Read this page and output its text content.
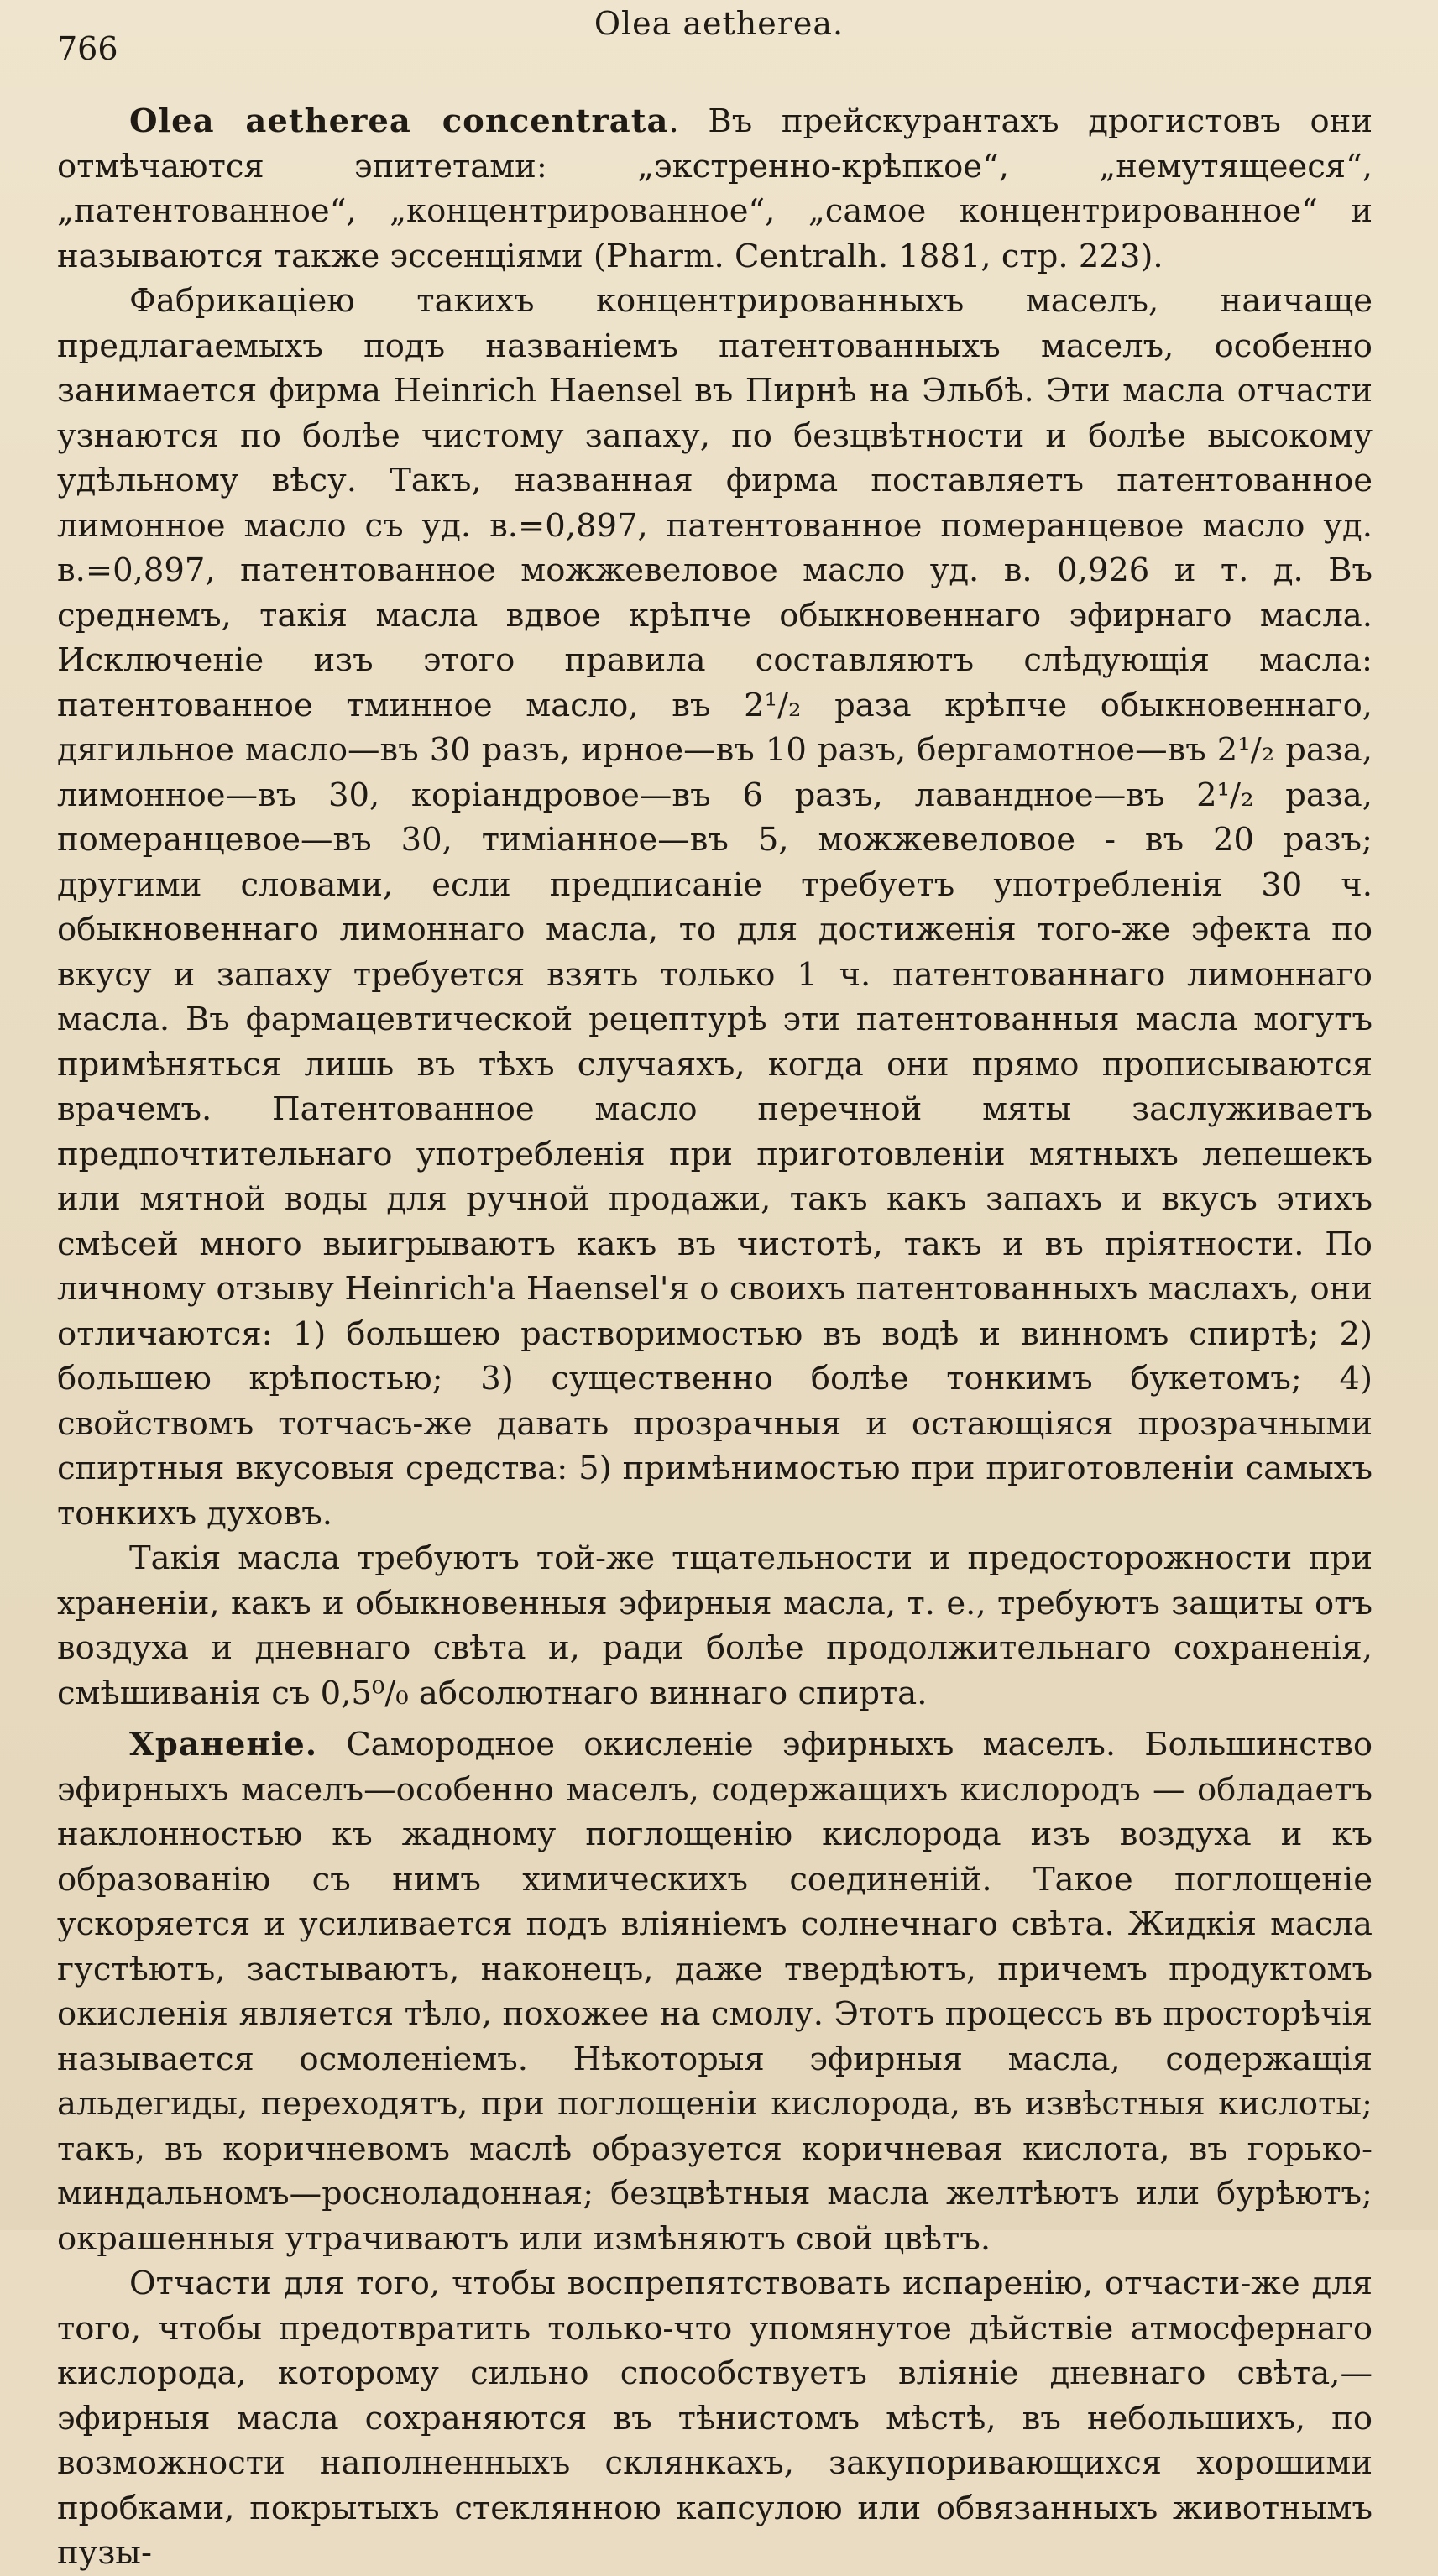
766
Olea aetherea.

Olea aetherea concentrata. Въ прейскурантахъ дрогистовъ они отмѣчаются эпитетами: „экстренно-крѣпкое“, „немутящееся“, „патентованное“, „концентрированное“, „самое концентрированное“ и называются также эссенціями (Pharm. Centralh. 1881, стр. 223).

Фабрикаціею такихъ концентрированныхъ маселъ, наичаще предлагаемыхъ подъ названіемъ патентованныхъ маселъ, особенно занимается фирма Heinrich Haensel въ Пирнѣ на Эльбѣ. Эти масла отчасти узнаются по болѣе чистому запаху, по безцвѣтности и болѣе высокому удѣльному вѣсу. Такъ, названная фирма поставляетъ патентованное лимонное масло съ уд. в.=0,897, патентованное померанцевое масло уд. в.=0,897, патентованное можжевеловое масло уд. в. 0,926 и т. д. Въ среднемъ, такія масла вдвое крѣпче обыкновеннаго эфирнаго масла. Исключеніе изъ этого правила составляютъ слѣдующія масла: патентованное тминное масло, въ 2¹/₂ раза крѣпче обыкновеннаго, дягильное масло—въ 30 разъ, ирное—въ 10 разъ, бергамотное—въ 2¹/₂ раза, лимонное—въ 30, коріандровое—въ 6 разъ, лавандное—въ 2¹/₂ раза, померанцевое—въ 30, тиміанное—въ 5, можжевеловое - въ 20 разъ; другими словами, если предписаніе требуетъ употребленія 30 ч. обыкновеннаго лимоннаго масла, то для достиженія того-же эфекта по вкусу и запаху требуется взять только 1 ч. патентованнаго лимоннаго масла. Въ фармацевтической рецептурѣ эти патентованныя масла могутъ примѣняться лишь въ тѣхъ случаяхъ, когда они прямо прописываются врачемъ. Патентованное масло перечной мяты заслуживаетъ предпочтительнаго употребленія при приготовленіи мятныхъ лепешекъ или мятной воды для ручной продажи, такъ какъ запахъ и вкусъ этихъ смѣсей много выигрываютъ какъ въ чистотѣ, такъ и въ пріятности. По личному отзыву Heinrich'а Haensel'я о своихъ патентованныхъ маслахъ, они отличаются: 1) большею растворимостью въ водѣ и винномъ спиртѣ; 2) большею крѣпостью; 3) существенно болѣе тонкимъ букетомъ; 4) свойствомъ тотчасъ-же давать прозрачныя и остающіяся прозрачными спиртныя вкусовыя средства: 5) примѣнимостью при приготовленіи самыхъ тонкихъ духовъ.

Такія масла требуютъ той-же тщательности и предосторожности при храненіи, какъ и обыкновенныя эфирныя масла, т. е., требуютъ защиты отъ воздуха и дневнаго свѣта и, ради болѣе продолжительнаго сохраненія, смѣшиванія съ 0,5⁰/₀ абсолютнаго виннаго спирта.

Храненіе. Самородное окисленіе эфирныхъ маселъ. Большинство эфирныхъ маселъ—особенно маселъ, содержащихъ кислородъ — обладаетъ наклонностью къ жадному поглощенію кислорода изъ воздуха и къ образованію съ нимъ химическихъ соединеній. Такое поглощеніе ускоряется и усиливается подъ вліяніемъ солнечнаго свѣта. Жидкія масла густѣютъ, застываютъ, наконецъ, даже твердѣютъ, причемъ продуктомъ окисленія является тѣло, похожее на смолу. Этотъ процессъ въ просторѣчія называется осмоленіемъ. Нѣкоторыя эфирныя масла, содержащія альдегиды, переходятъ, при поглощеніи кислорода, въ извѣстныя кислоты; такъ, въ коричневомъ маслѣ образуется коричневая кислота, въ горько-миндальномъ—росноладонная; безцвѣтныя масла желтѣютъ или бурѣютъ; окрашенныя утрачиваютъ или измѣняютъ свой цвѣтъ.

Отчасти для того, чтобы воспрепятствовать испаренію, отчасти-же для того, чтобы предотвратить только-что упомянутое дѣйствіе атмосфернаго кислорода, которому сильно способствуетъ вліяніе дневнаго свѣта,—эфирныя масла сохраняются въ тѣнистомъ мѣстѣ, въ небольшихъ, по возможности наполненныхъ склянкахъ, закупоривающихся хорошими пробками, покрытыхъ стеклянною капсулою или обвязанныхъ животнымъ пузы-
